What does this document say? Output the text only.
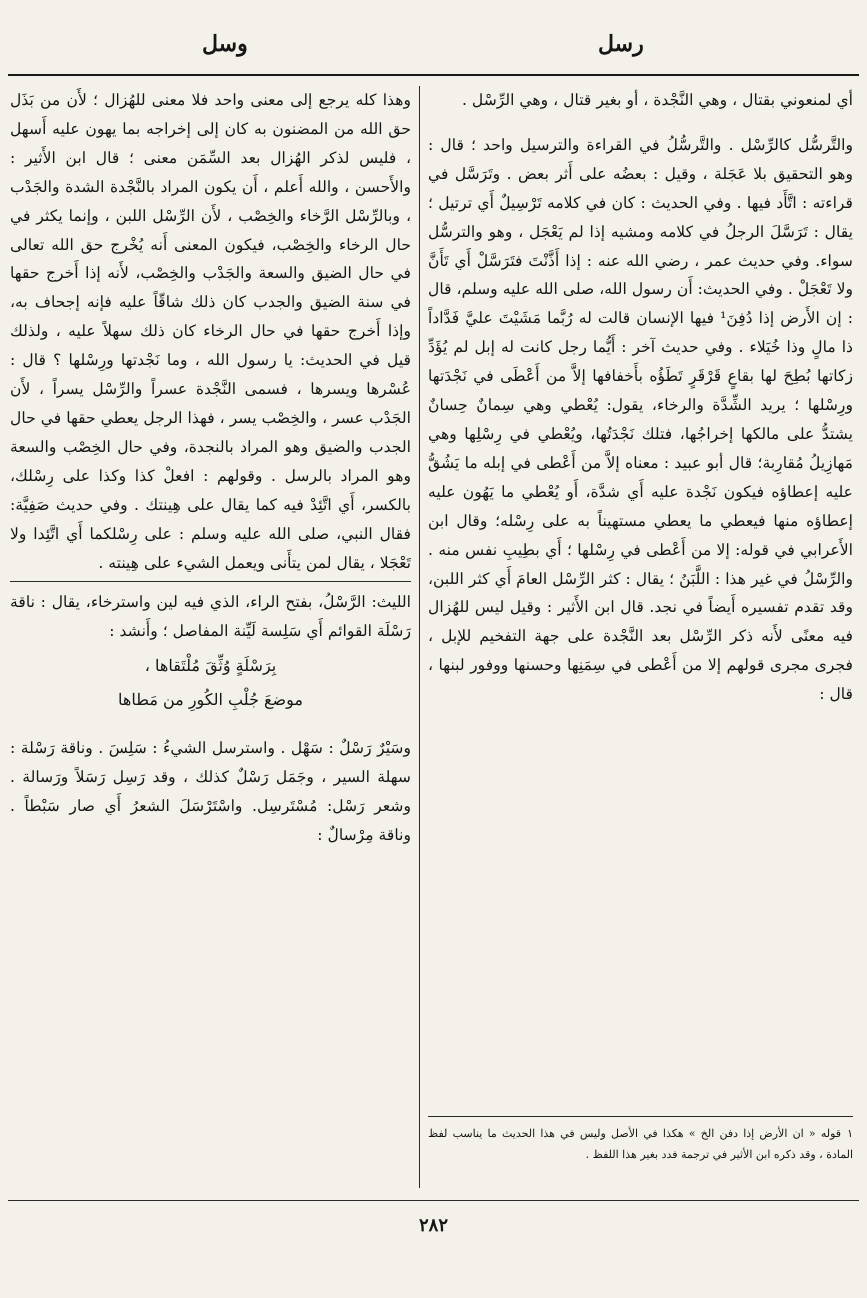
وسل	رسل

أي لمنعوني بقتال ، وهي النَّجْدة ، أو بغير قتال ، وهي الرِّسْل .

والتَّرسُّل كالرِّسْل . والتَّرسُّلُ في القراءة والترسيل واحد ؛ قال : وهو التحقيق بلا عَجَلة ، وقيل : بعضُه على أَثر بعض . وتَرَسَّل في قراءته : اتَّأَد فيها . وفي الحديث : كان في كلامه تَرْسِيلٌ أَي ترتيل ؛ يقال : تَرَسَّلَ الرجلُ في كلامه ومشيه إذا لم يَعْجَل ، وهو والترسُّل سواء. وفي حديث عمر ، رضي الله عنه : إذا أَذَّنْتَ فتَرَسَّلْ أَي تَأَنَّ ولا تَعْجَلْ . وفي الحديث: أَن رسول الله، صلى الله عليه وسلم، قال : إن الأَرض إذا دُفِنَ¹ فيها الإنسان قالت له رُبَّما مَشَيْتَ عليَّ فَدَّاداً ذا مالٍ وذا خُيَلاء . وفي حديث آخر : أَيُّما رجل كانت له إبل لم يُؤَدِّ زكاتها بُطِحَ لها بقاعٍ قَرْقَرٍ تَطَؤُه بأَخفافها إلاَّ من أَعْطَى في نَجْدَتها ورِسْلها ؛ يريد الشِّدَّة والرخاء، يقول: يُعْطي وهي سِمانٌ حِسانٌ يشتدُّ على مالكها إخراجُها، فتلك نَجْدَتُها، ويُعْطي في رِسْلِها وهي مَهازِيلُ مُقارِبة؛ قال أبو عبيد : معناه إلاَّ من أَعْطى في إبله ما يَشُقُّ عليه إعطاؤه فيكون نَجْدة عليه أَي شدَّة، أَو يُعْطي ما يَهُون عليه إعطاؤه منها فيعطي ما يعطي مستهيناً به على رِسْله؛ وقال ابن الأَعرابي في قوله: إلا من أَعْطى في رِسْلها ؛ أَي بطِيبِ نفس منه . والرِّسْلُ في غير هذا : اللَّبَنُ ؛ يقال : كثر الرِّسْل العامَ أَي كثر اللبن، وقد تقدم تفسيره أَيضاً في نجد. قال ابن الأَثير : وقيل ليس للهُزال فيه معنًى لأَنه ذكر الرِّسْل بعد النَّجْدة على جهة التفخيم للإبل ، فجرى مجرى قولهم إلا من أَعْطى في سِمَنِها وحسنها ووفور لبنها ، قال :

١قوله « ان الأرض إذا دفن الخ » هكذا في الأصل وليس في هذا الحديث ما يناسب لفظ المادة ، وقد ذكره ابن الأثير في ترجمة فدد بغير هذا اللفظ .

وهذا كله يرجع إلى معنى واحد فلا معنى للهُزال ؛ لأَن من بَذَل حق الله من المضنون به كان إلى إخراجه بما يهون عليه أَسهل ، فليس لذكر الهُزال بعد السِّمَن معنى ؛ قال ابن الأَثير : والأَحسن ، والله أَعلم ، أَن يكون المراد بالنَّجْدة الشدة والجَدْب ، وبالرِّسْل الرَّخاء والخِصْب ، لأَن الرِّسْل اللبن ، وإنما يكثر في حال الرخاء والخِصْب، فيكون المعنى أَنه يُخْرج حق الله تعالى في حال الضيق والسعة والجَدْب والخِصْب، لأَنه إذا أَخرج حقها في سنة الضيق والجدب كان ذلك شاقّاً عليه فإنه إجحاف به، وإذا أَخرج حقها في حال الرخاء كان ذلك سهلاً عليه ، ولذلك قيل في الحديث: يا رسول الله ، وما نَجْدتها ورِسْلها ؟ قال : عُسْرها ويسرها ، فسمى النَّجْدة عسراً والرِّسْل يسراً ، لأَن الجَدْب عسر ، والخِصْب يسر ، فهذا الرجل يعطي حقها في حال الجدب والضيق وهو المراد بالنجدة، وفي حال الخِصْب والسعة وهو المراد بالرسل . وقولهم : افعلْ كذا وكذا على رِسْلك، بالكسر، أَي اتَّئِدْ فيه كما يقال على هِينتك . وفي حديث صَفِيَّة: فقال النبي، صلى الله عليه وسلم : على رِسْلكما أَي اتَّئِدا ولا تَعْجَلا ، يقال لمن يتأَنى ويعمل الشيء على هِينته .

الليث: الرَّسْلُ، بفتح الراء، الذي فيه لين واسترخاء، يقال : ناقة رَسْلَة القوائم أَي سَلِسة لَيِّنة المفاصل ؛ وأَنشد :

بِرَسْلَةٍ وُثِّقَ مُلْتَقاها ،
موضعَ جُلْبِ الكُورِ من مَطاها

وسَيْرٌ رَسْلٌ : سَهْل . واسترسل الشيءُ : سَلِسَ . وناقة رَسْلة : سهلة السير ، وجَمَل رَسْلٌ كذلك ، وقد رَسِل رَسَلاً ورَسالة . وشعر رَسْل: مُسْتَرسِل. واسْتَرْسَلَ الشعرُ أَي صار سَبْطاً . وناقة مِرْسالٌ :

٢٨٢
